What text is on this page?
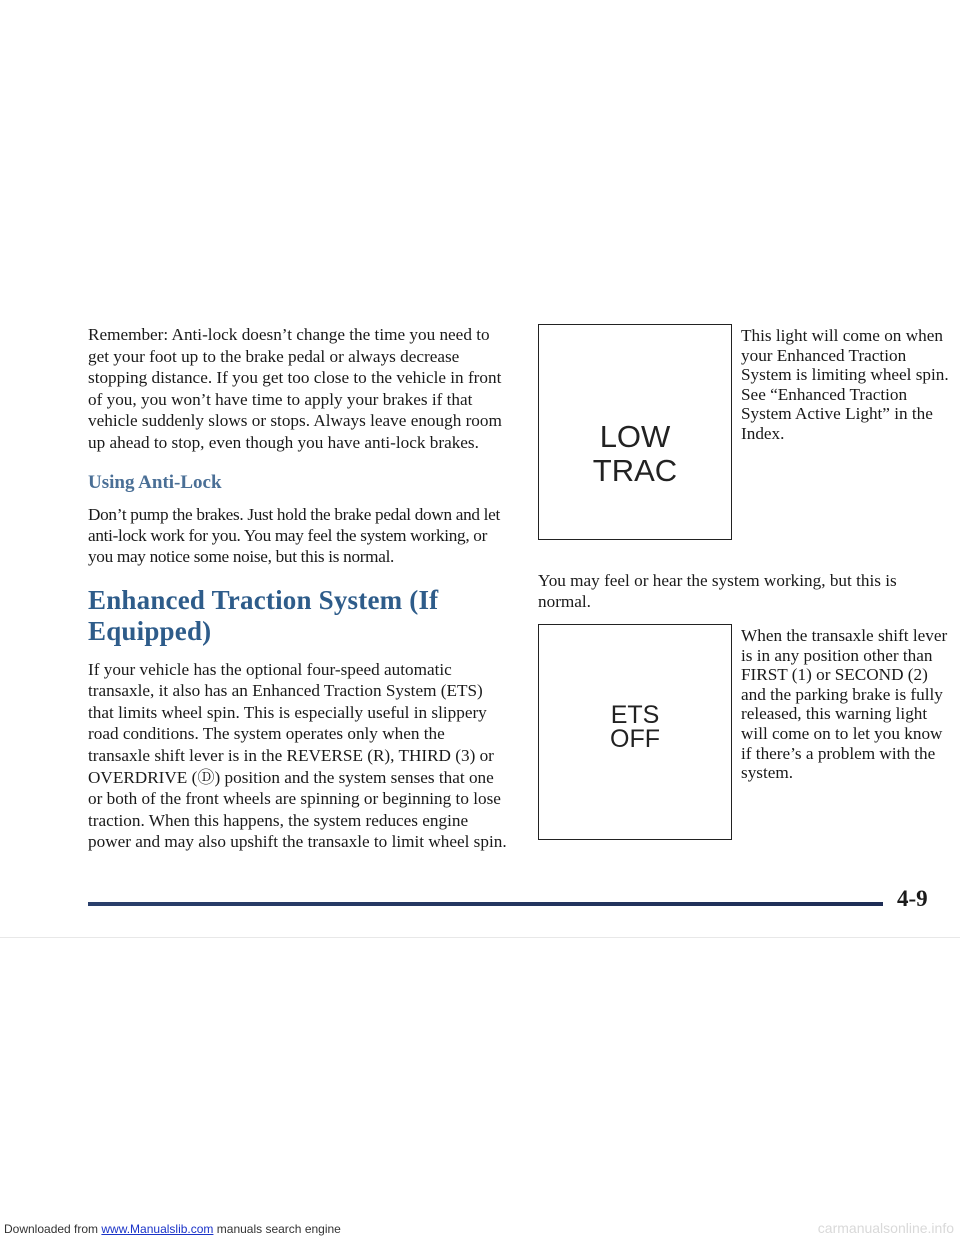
Remember: Anti-lock doesn’t change the time you need to get your foot up to the brake pedal or always decrease stopping distance. If you get too close to the vehicle in front of you, you won’t have time to apply your brakes if that vehicle suddenly slows or stops. Always leave enough room up ahead to stop, even though you have anti-lock brakes.

Using Anti-Lock

Don’t pump the brakes. Just hold the brake pedal down and let anti-lock work for you. You may feel the system working, or you may notice some noise, but this is normal.

Enhanced Traction System (If Equipped)

If your vehicle has the optional four-speed automatic transaxle, it also has an Enhanced Traction System (ETS) that limits wheel spin. This is especially useful in slippery road conditions. The system operates only when the transaxle shift lever is in the REVERSE (R), THIRD (3) or OVERDRIVE (Ⓓ) position and the system senses that one or both of the front wheels are spinning or beginning to lose traction. When this happens, the system reduces engine power and may also upshift the transaxle to limit wheel spin.

LOW
TRAC
This light will come on when your Enhanced Traction System is limiting wheel spin. See “Enhanced Traction System Active Light” in the Index.
You may feel or hear the system working, but this is normal.
ETS
OFF
When the transaxle shift lever is in any position other than FIRST (1) or SECOND (2) and the parking brake is fully released, this warning light will come on to let you know if there’s a problem with the system.
4-9
Downloaded from www.Manualslib.com manuals search engine	carmanualsonline.info
